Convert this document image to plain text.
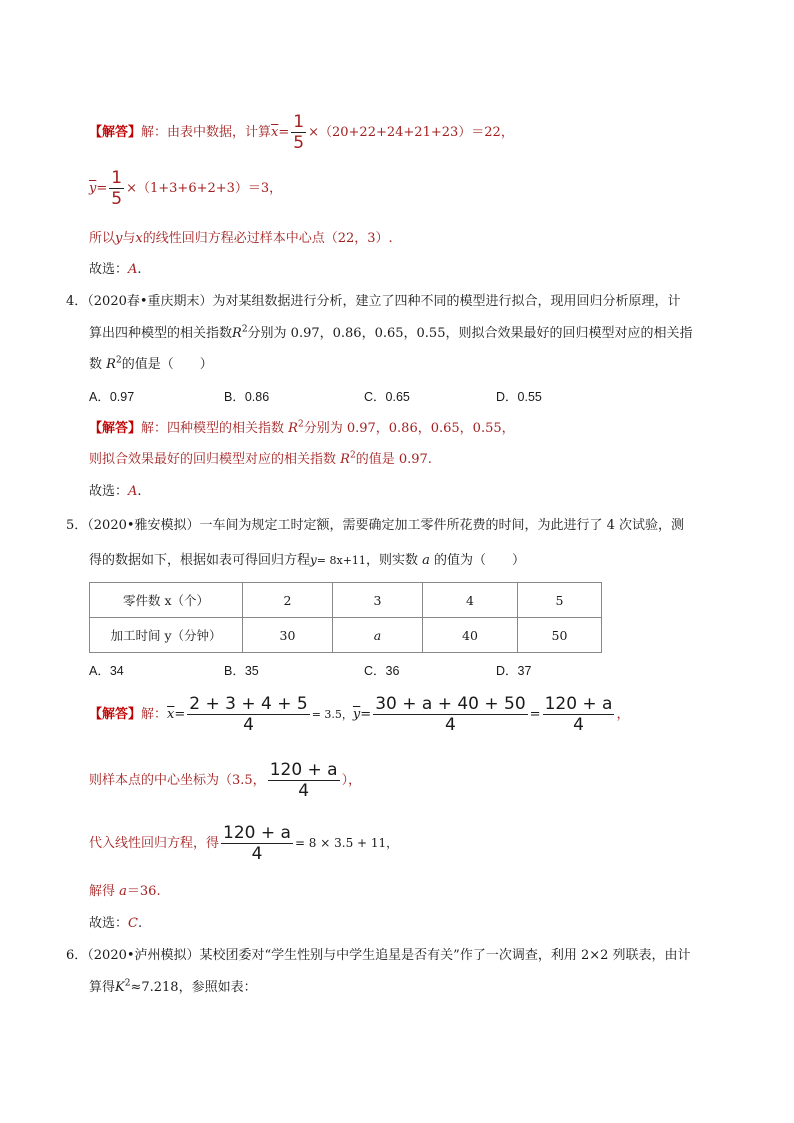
【解答】解：由表中数据，计算$\overline{x}= \frac{1}{5} \times(20+22+24+21+23)=22$，
$\overline{y}= \frac{1}{5} \times(1+3+6+2+3)=3$，
所以y与x的线性回归方程必过样本中心点（22，3）.
故选：A.
4．（2020春•重庆期末）为对某组数据进行分析，建立了四种不同的模型进行拟合，现用回归分析原理，计
算出四种模型的相关指数$R^2$分别为 0.97，0.86，0.65，0.55，则拟合效果最好的回归模型对应的相关指
数 $R^2$的值是（　　）
A．0.97	B．0.86	C．0.65	D．0.55
【解答】解：四种模型的相关指数 $R^2$分别为 0.97，0.86，0.65，0.55，
则拟合效果最好的回归模型对应的相关指数 $R^2$的值是 0.97.
故选：A.
5．（2020•雅安模拟）一车间为规定工时定额，需要确定加工零件所花费的时间，为此进行了 4 次试验，测
得的数据如下，根据如表可得回归方程y= 8x+11，则实数 a 的值为（　　）
零件数 x（个）	2	3	4	5
加工时间 y（分钟）	30	a	40	50
A．34	B．35	C．36	D．37
【解答】解：$\overline{x}= \frac{2 + 3 + 4 + 5}{4} = 3.5$，$\overline{y}= \frac{30 + a + 40 + 50}{4} = \frac{120 + a}{4}$ ，
则样本点的中心坐标为（3.5， $\frac{120 + a}{4}$ ），
代入线性回归方程，得 $\frac{120 + a}{4} = 8 \times 3.5 + 11$，
解得 a＝36.
故选：C.
6．（2020•泸州模拟）某校团委对“学生性别与中学生追星是否有关”作了一次调查，利用 2×2 列联表，由计
算得$K^2\approx 7.218$，参照如表：
